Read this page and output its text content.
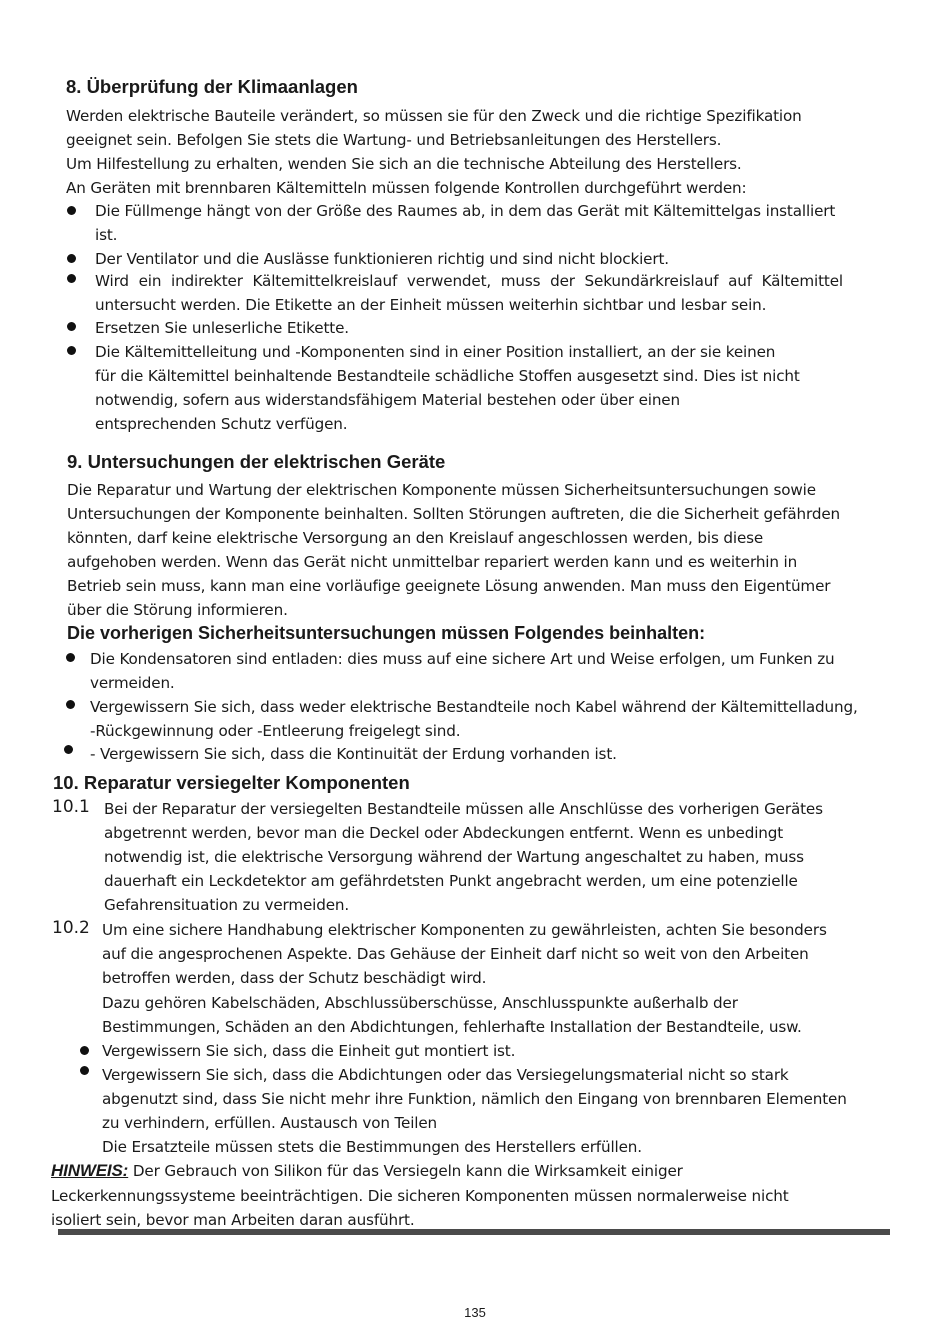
8. Überprüfung der Klimaanlagen
Werden elektrische Bauteile verändert, so müssen sie für den Zweck und die richtige Spezifikation
geeignet sein. Befolgen Sie stets die Wartung- und Betriebsanleitungen des Herstellers.
Um Hilfestellung zu erhalten, wenden Sie sich an die technische Abteilung des Herstellers.
An Geräten mit brennbaren Kältemitteln müssen folgende Kontrollen durchgeführt werden:
Die Füllmenge hängt von der Größe des Raumes ab, in dem das Gerät mit Kältemittelgas installiert
ist.
Der Ventilator und die Auslässe funktionieren richtig und sind nicht blockiert.
Wird ein indirekter Kältemittelkreislauf verwendet, muss der Sekundärkreislauf auf Kältemittel
untersucht werden. Die Etikette an der Einheit müssen weiterhin sichtbar und lesbar sein.
Ersetzen Sie unleserliche Etikette.
Die Kältemittelleitung und -Komponenten sind in einer Position installiert, an der sie keinen
für die Kältemittel beinhaltende Bestandteile schädliche Stoffen ausgesetzt sind. Dies ist nicht
notwendig, sofern aus widerstandsfähigem Material bestehen oder über einen
entsprechenden Schutz verfügen.
9. Untersuchungen der elektrischen Geräte
Die Reparatur und Wartung der elektrischen Komponente müssen Sicherheitsuntersuchungen sowie
Untersuchungen der Komponente beinhalten. Sollten Störungen auftreten, die die Sicherheit gefährden
könnten, darf keine elektrische Versorgung an den Kreislauf angeschlossen werden, bis diese
aufgehoben werden. Wenn das Gerät nicht unmittelbar repariert werden kann und es weiterhin in
Betrieb sein muss, kann man eine vorläufige geeignete Lösung anwenden. Man muss den Eigentümer
über die Störung informieren.
Die vorherigen Sicherheitsuntersuchungen müssen Folgendes beinhalten:
Die Kondensatoren sind entladen: dies muss auf eine sichere Art und Weise erfolgen, um Funken zu
vermeiden.
Vergewissern Sie sich, dass weder elektrische Bestandteile noch Kabel während der Kältemittelladung,
-Rückgewinnung oder -Entleerung freigelegt sind.
- Vergewissern Sie sich, dass die Kontinuität der Erdung vorhanden ist.
10. Reparatur versiegelter Komponenten
10.1 Bei der Reparatur der versiegelten Bestandteile müssen alle Anschlüsse des vorherigen Gerätes
abgetrennt werden, bevor man die Deckel oder Abdeckungen entfernt. Wenn es unbedingt
notwendig ist, die elektrische Versorgung während der Wartung angeschaltet zu haben, muss
dauerhaft ein Leckdetektor am gefährdetsten Punkt angebracht werden, um eine potenzielle
Gefahrensituation zu vermeiden.
10.2 Um eine sichere Handhabung elektrischer Komponenten zu gewährleisten, achten Sie besonders
auf die angesprochenen Aspekte. Das Gehäuse der Einheit darf nicht so weit von den Arbeiten
betroffen werden, dass der Schutz beschädigt wird.
Dazu gehören Kabelschäden, Abschlussüberschüsse, Anschlusspunkte außerhalb der
Bestimmungen, Schäden an den Abdichtungen, fehlerhafte Installation der Bestandteile, usw.
Vergewissern Sie sich, dass die Einheit gut montiert ist.
Vergewissern Sie sich, dass die Abdichtungen oder das Versiegelungsmaterial nicht so stark
abgenutzt sind, dass Sie nicht mehr ihre Funktion, nämlich den Eingang von brennbaren Elementen
zu verhindern, erfüllen. Austausch von Teilen
Die Ersatzteile müssen stets die Bestimmungen des Herstellers erfüllen.
HINWEIS: Der Gebrauch von Silikon für das Versiegeln kann die Wirksamkeit einiger
Leckerkennungssysteme beeinträchtigen. Die sicheren Komponenten müssen normalerweise nicht
isoliert sein, bevor man Arbeiten daran ausführt.
135
